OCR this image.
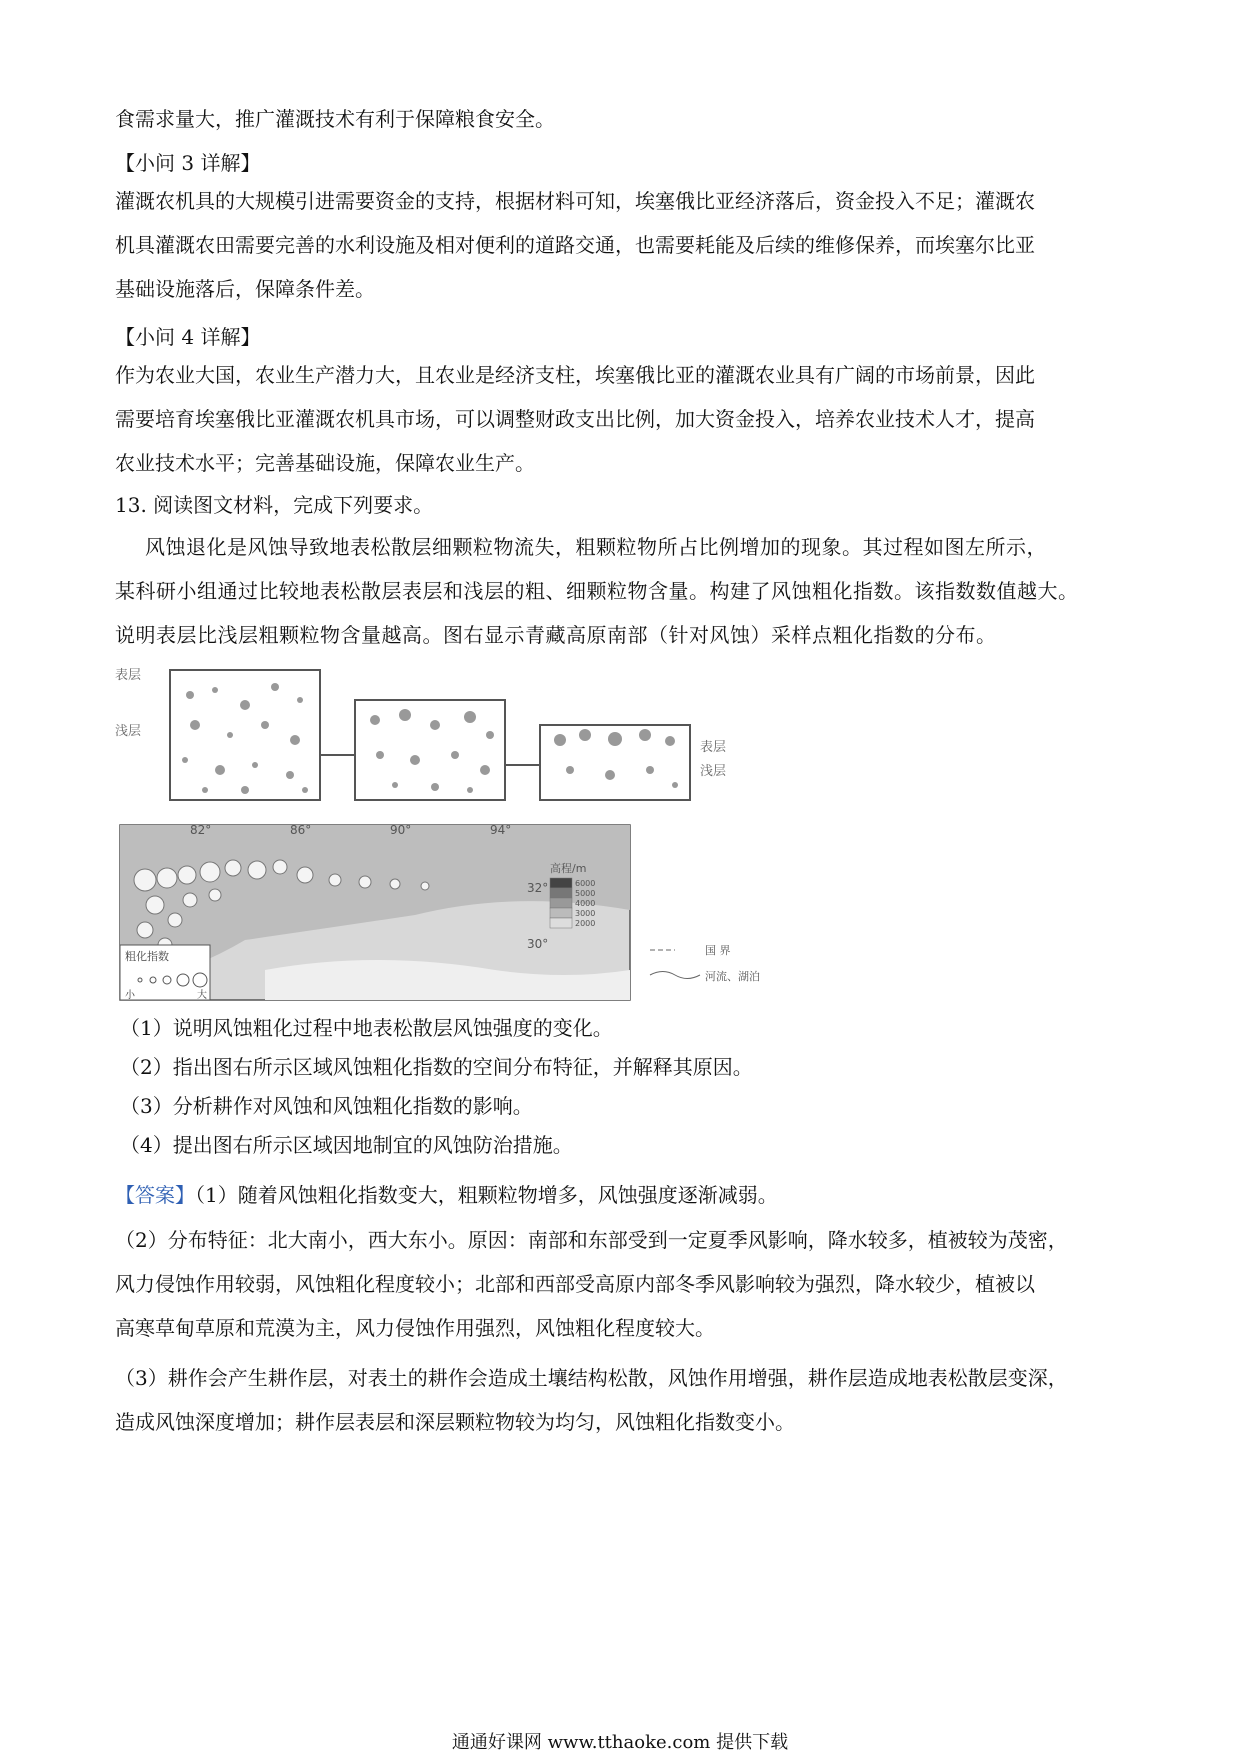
食需求量大，推广灌溉技术有利于保障粮食安全。

【小问 3 详解】

灌溉农机具的大规模引进需要资金的支持，根据材料可知，埃塞俄比亚经济落后，资金投入不足；灌溉农

机具灌溉农田需要完善的水利设施及相对便利的道路交通，也需要耗能及后续的维修保养，而埃塞尔比亚

基础设施落后，保障条件差。

【小问 4 详解】

作为农业大国，农业生产潜力大，且农业是经济支柱，埃塞俄比亚的灌溉农业具有广阔的市场前景，因此

需要培育埃塞俄比亚灌溉农机具市场，可以调整财政支出比例，加大资金投入，培养农业技术人才，提高

农业技术水平；完善基础设施，保障农业生产。

13. 阅读图文材料，完成下列要求。

风蚀退化是风蚀导致地表松散层细颗粒物流失，粗颗粒物所占比例增加的现象。其过程如图左所示，

某科研小组通过比较地表松散层表层和浅层的粗、细颗粒物含量。构建了风蚀粗化指数。该指数数值越大。

说明表层比浅层粗颗粒物含量越高。图右显示青藏高原南部（针对风蚀）采样点粗化指数的分布。

表层
浅层
表层
浅层
82°	86°	90°	94°
32°
30°
粗化指数
小	大
高程/m
6000
5000
4000
3000
2000
国 界
河流、湖泊

（1）说明风蚀粗化过程中地表松散层风蚀强度的变化。

（2）指出图右所示区域风蚀粗化指数的空间分布特征，并解释其原因。

（3）分析耕作对风蚀和风蚀粗化指数的影响。

（4）提出图右所示区域因地制宜的风蚀防治措施。

【答案】（1）随着风蚀粗化指数变大，粗颗粒物增多，风蚀强度逐渐减弱。

（2）分布特征：北大南小，西大东小。原因：南部和东部受到一定夏季风影响，降水较多，植被较为茂密，

风力侵蚀作用较弱，风蚀粗化程度较小；北部和西部受高原内部冬季风影响较为强烈，降水较少，植被以

高寒草甸草原和荒漠为主，风力侵蚀作用强烈，风蚀粗化程度较大。

（3）耕作会产生耕作层，对表土的耕作会造成土壤结构松散，风蚀作用增强，耕作层造成地表松散层变深，

造成风蚀深度增加；耕作层表层和深层颗粒物较为均匀，风蚀粗化指数变小。

通通好课网 www.tthaoke.com 提供下载
